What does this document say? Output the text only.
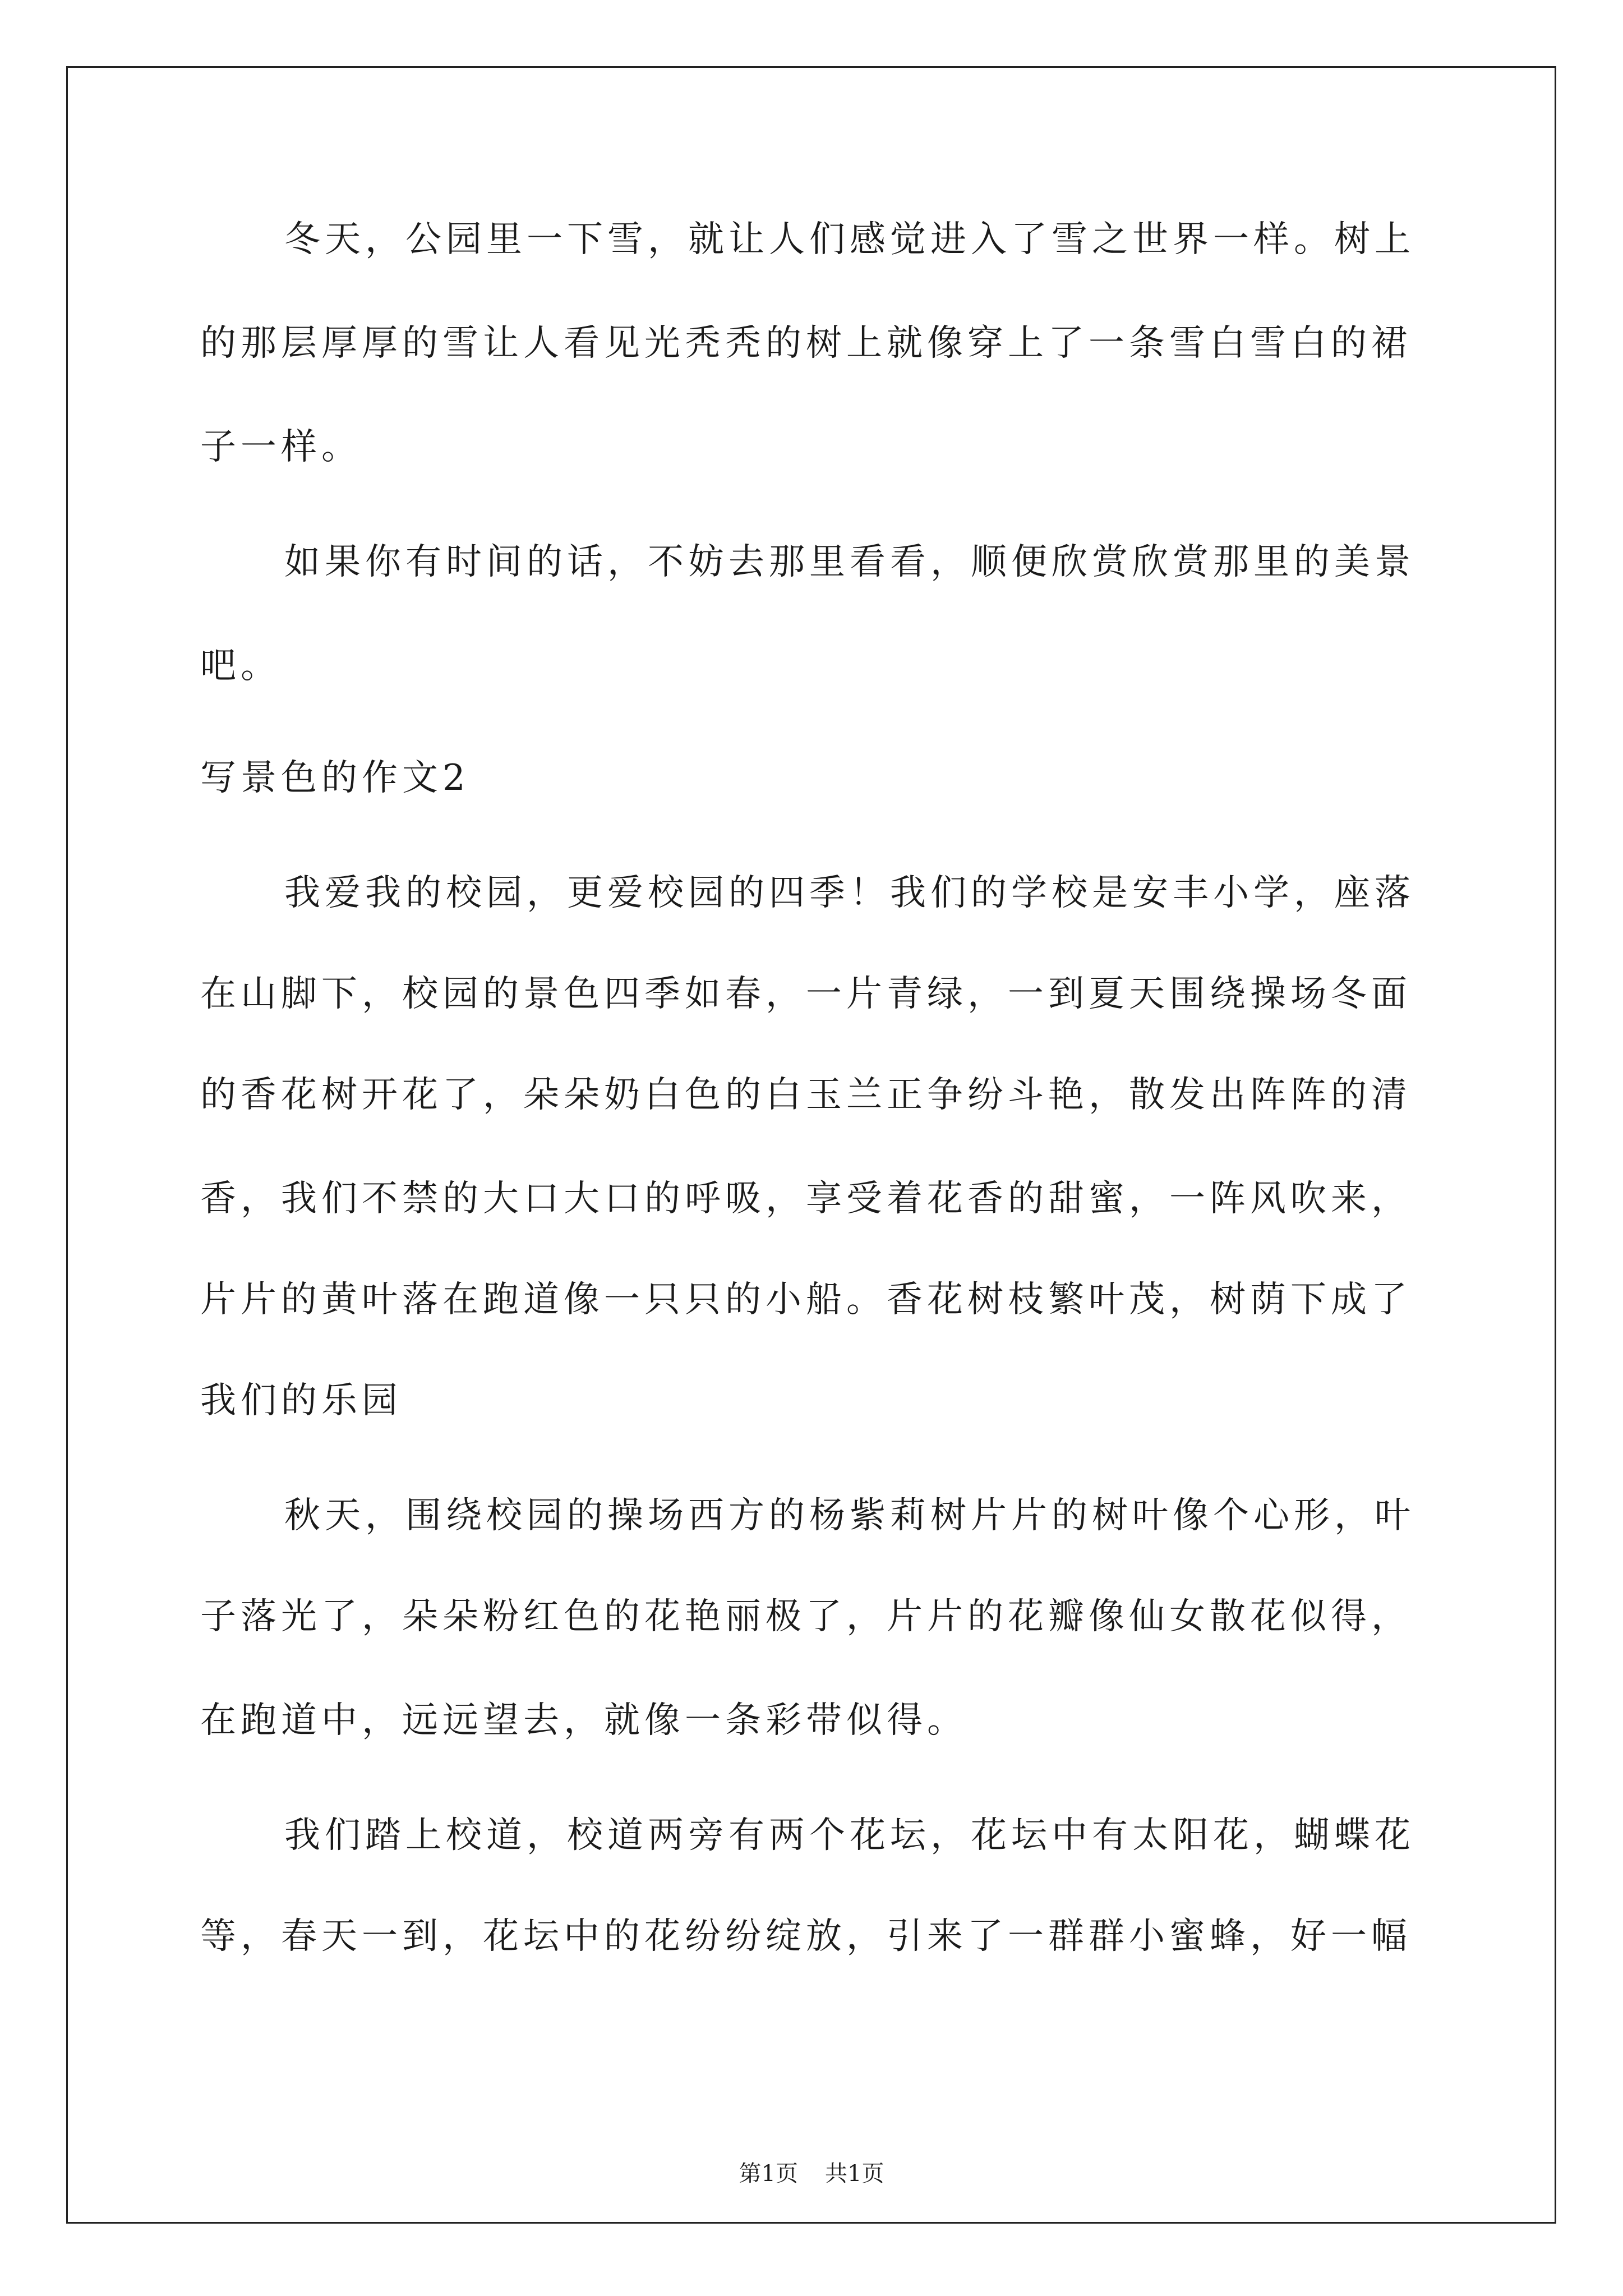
冬天，公园里一下雪，就让人们感觉进入了雪之世界一样。树上
的那层厚厚的雪让人看见光秃秃的树上就像穿上了一条雪白雪白的裙
子一样。
如果你有时间的话，不妨去那里看看，顺便欣赏欣赏那里的美景
吧。
写景色的作文2
我爱我的校园，更爱校园的四季！我们的学校是安丰小学，座落
在山脚下，校园的景色四季如春，一片青绿，一到夏天围绕操场冬面
的香花树开花了，朵朵奶白色的白玉兰正争纷斗艳，散发出阵阵的清
香，我们不禁的大口大口的呼吸，享受着花香的甜蜜，一阵风吹来，
片片的黄叶落在跑道像一只只的小船。香花树枝繁叶茂，树荫下成了
我们的乐园
秋天，围绕校园的操场西方的杨紫莉树片片的树叶像个心形，叶
子落光了，朵朵粉红色的花艳丽极了，片片的花瓣像仙女散花似得，
在跑道中，远远望去，就像一条彩带似得。
我们踏上校道，校道两旁有两个花坛，花坛中有太阳花，蝴蝶花
等，春天一到，花坛中的花纷纷绽放，引来了一群群小蜜蜂，好一幅
第1页 共1页
